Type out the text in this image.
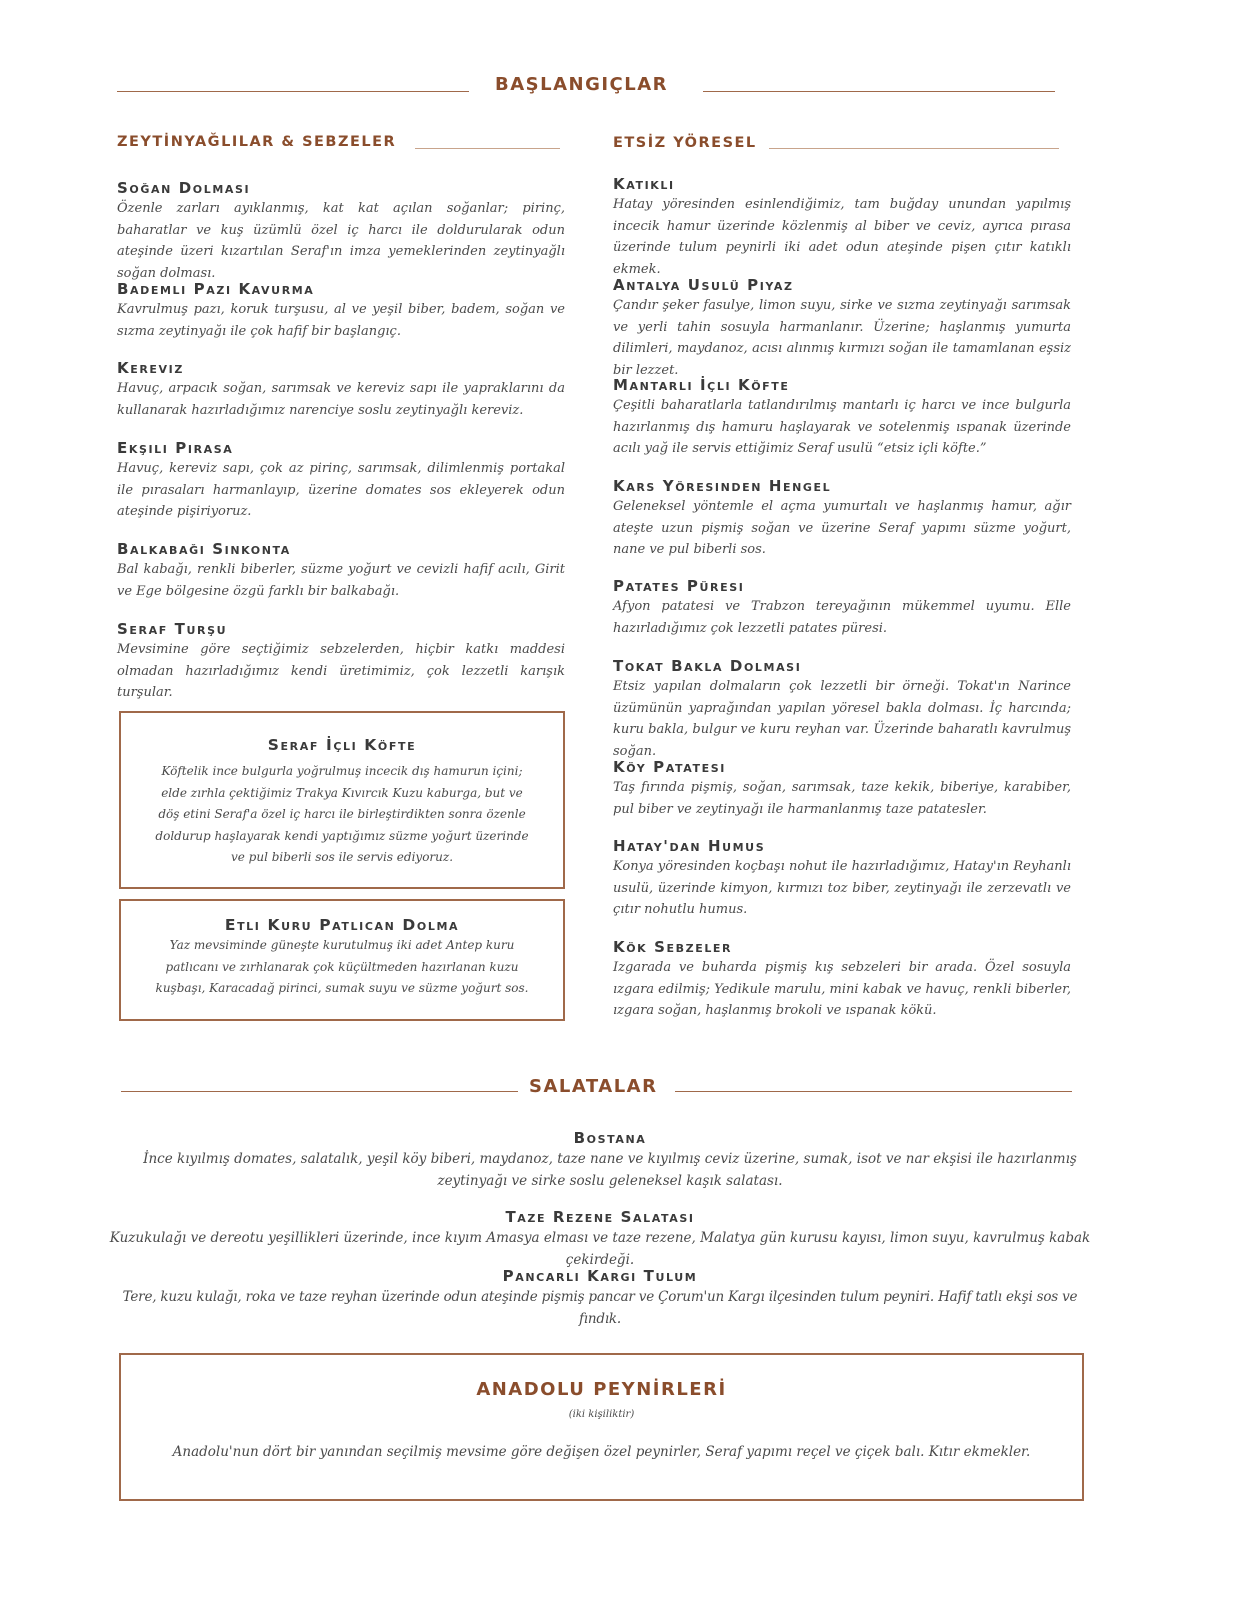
BAŞLANGIÇLAR
ZEYTİNYAĞLILAR & SEBZELER	ETSİZ YÖRESEL
Soğan Dolması
Özenle zarları ayıklanmış, kat kat açılan soğanlar; pirinç, baharatlar ve kuş üzümlü özel iç harcı ile doldurularak odun ateşinde üzeri kızartılan Seraf'ın imza yemeklerinden zeytinyağlı soğan dolması.
Bademli Pazı Kavurma
Kavrulmuş pazı, koruk turşusu, al ve yeşil biber, badem, soğan ve sızma zeytinyağı ile çok hafif bir başlangıç.
Kereviz
Havuç, arpacık soğan, sarımsak ve kereviz sapı ile yapraklarını da kullanarak hazırladığımız narenciye soslu zeytinyağlı kereviz.
Ekşili Pırasa
Havuç, kereviz sapı, çok az pirinç, sarımsak, dilimlenmiş portakal ile pırasaları harmanlayıp, üzerine domates sos ekleyerek odun ateşinde pişiriyoruz.
Balkabağı Sinkonta
Bal kabağı, renkli biberler, süzme yoğurt ve cevizli hafif acılı, Girit ve Ege bölgesine özgü farklı bir balkabağı.
Seraf Turşu
Mevsimine göre seçtiğimiz sebzelerden, hiçbir katkı maddesi olmadan hazırladığımız kendi üretimimiz, çok lezzetli karışık turşular.
Seraf İçli Köfte
Köftelik ince bulgurla yoğrulmuş incecik dış hamurun içini;
elde zırhla çektiğimiz Trakya Kıvırcık Kuzu kaburga, but ve
döş etini Seraf'a özel iç harcı ile birleştirdikten sonra özenle
doldurup haşlayarak kendi yaptığımız süzme yoğurt üzerinde
ve pul biberli sos ile servis ediyoruz.
Etli Kuru Patlıcan Dolma
Yaz mevsiminde güneşte kurutulmuş iki adet Antep kuru
patlıcanı ve zırhlanarak çok küçültmeden hazırlanan kuzu
kuşbaşı, Karacadağ pirinci, sumak suyu ve süzme yoğurt sos.
Katıklı
Hatay yöresinden esinlendiğimiz, tam buğday unundan yapılmış incecik hamur üzerinde közlenmiş al biber ve ceviz, ayrıca pırasa üzerinde tulum peynirli iki adet odun ateşinde pişen çıtır katıklı ekmek.
Antalya Usulü Piyaz
Çandır şeker fasulye, limon suyu, sirke ve sızma zeytinyağı sarımsak ve yerli tahin sosuyla harmanlanır. Üzerine; haşlanmış yumurta dilimleri, maydanoz, acısı alınmış kırmızı soğan ile tamamlanan eşsiz bir lezzet.
Mantarlı İçli Köfte
Çeşitli baharatlarla tatlandırılmış mantarlı iç harcı ve ince bulgurla hazırlanmış dış hamuru haşlayarak ve sotelenmiş ıspanak üzerinde acılı yağ ile servis ettiğimiz Seraf usulü “etsiz içli köfte.”
Kars Yöresinden Hengel
Geleneksel yöntemle el açma yumurtalı ve haşlanmış hamur, ağır ateşte uzun pişmiş soğan ve üzerine Seraf yapımı süzme yoğurt, nane ve pul biberli sos.
Patates Püresi
Afyon patatesi ve Trabzon tereyağının mükemmel uyumu. Elle hazırladığımız çok lezzetli patates püresi.
Tokat Bakla Dolması
Etsiz yapılan dolmaların çok lezzetli bir örneği. Tokat'ın Narince üzümünün yaprağından yapılan yöresel bakla dolması. İç harcında; kuru bakla, bulgur ve kuru reyhan var. Üzerinde baharatlı kavrulmuş soğan.
Köy Patatesi
Taş fırında pişmiş, soğan, sarımsak, taze kekik, biberiye, karabiber, pul biber ve zeytinyağı ile harmanlanmış taze patatesler.
Hatay'dan Humus
Konya yöresinden koçbaşı nohut ile hazırladığımız, Hatay'ın Reyhanlı usulü, üzerinde kimyon, kırmızı toz biber, zeytinyağı ile zerzevatlı ve çıtır nohutlu humus.
Kök Sebzeler
Izgarada ve buharda pişmiş kış sebzeleri bir arada. Özel sosuyla ızgara edilmiş; Yedikule marulu, mini kabak ve havuç, renkli biberler, ızgara soğan, haşlanmış brokoli ve ıspanak kökü.
SALATALAR
Bostana
İnce kıyılmış domates, salatalık, yeşil köy biberi, maydanoz, taze nane ve kıyılmış ceviz üzerine, sumak, isot ve nar ekşisi ile hazırlanmış zeytinyağı ve sirke soslu geleneksel kaşık salatası.
Taze Rezene Salatası
Kuzukulağı ve dereotu yeşillikleri üzerinde, ince kıyım Amasya elması ve taze rezene, Malatya gün kurusu kayısı, limon suyu, kavrulmuş kabak çekirdeği.
Pancarlı Kargı Tulum
Tere, kuzu kulağı, roka ve taze reyhan üzerinde odun ateşinde pişmiş pancar ve Çorum'un Kargı ilçesinden tulum peyniri. Hafif tatlı ekşi sos ve fındık.
ANADOLU PEYNİRLERİ
(iki kişiliktir)
Anadolu'nun dört bir yanından seçilmiş mevsime göre değişen özel peynirler, Seraf yapımı reçel ve çiçek balı. Kıtır ekmekler.
